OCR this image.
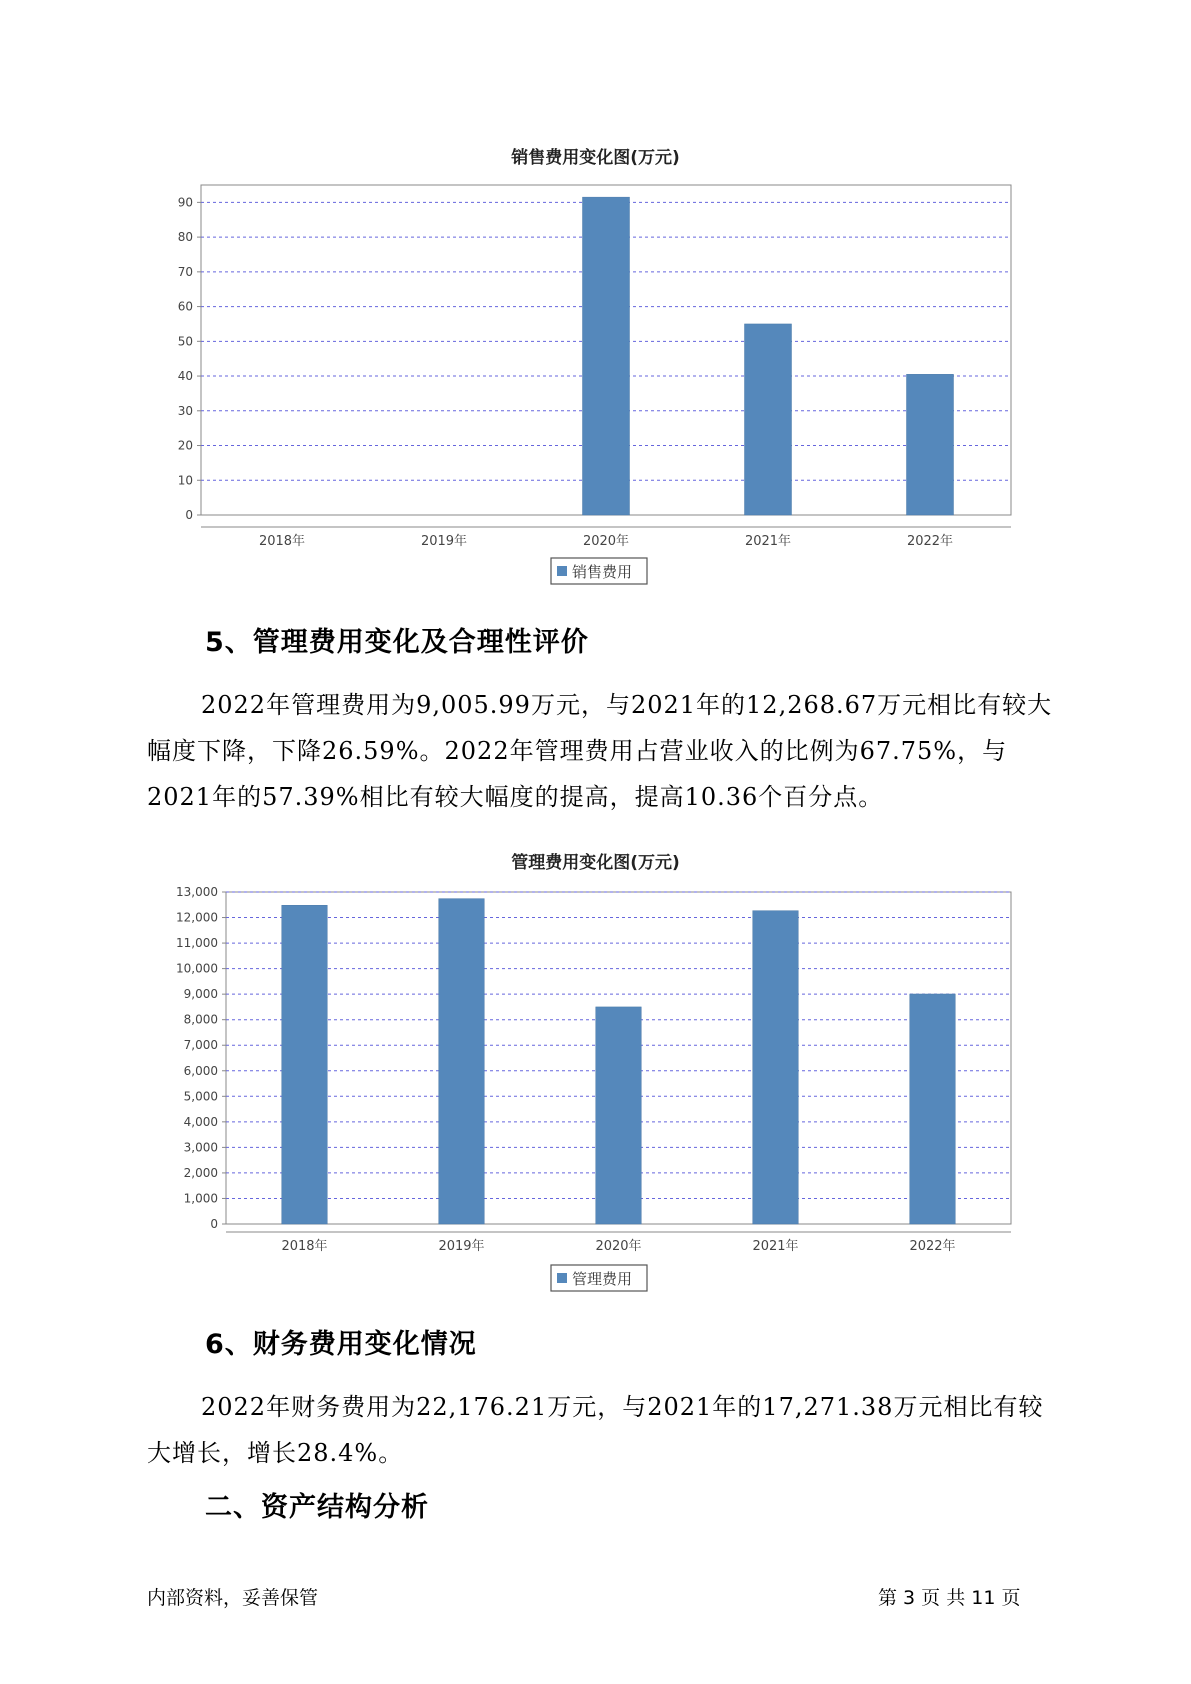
销售费用变化图(万元)
0
10
20
30
40
50
60
70
80
90
2018年	2019年	2020年	2021年	2022年
销售费用
5、管理费用变化及合理性评价
2022年管理费用为9,005.99万元，与2021年的12,268.67万元相比有较大幅度下降，下降26.59%。2022年管理费用占营业收入的比例为67.75%，与2021年的57.39%相比有较大幅度的提高，提高10.36个百分点。
管理费用变化图(万元)
0
1,000
2,000
3,000
4,000
5,000
6,000
7,000
8,000
9,000
10,000
11,000
12,000
13,000
2018年	2019年	2020年	2021年	2022年
管理费用
6、财务费用变化情况
2022年财务费用为22,176.21万元，与2021年的17,271.38万元相比有较大增长，增长28.4%。
二、资产结构分析
内部资料，妥善保管	第 3 页 共 11 页
